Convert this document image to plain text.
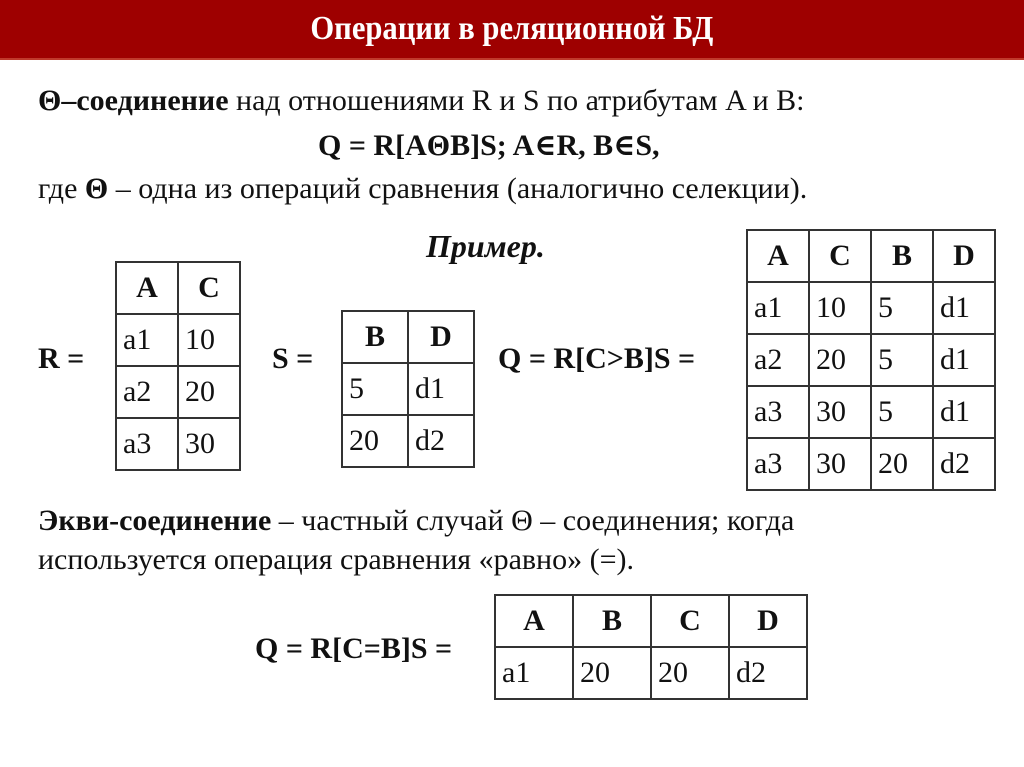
Операции в реляционной БД
Θ–соединение над отношениями R и S по атрибутам A и B:
Q = R[AΘB]S; A∈R, B∈S,
где Θ – одна из операций сравнения (аналогично селекции).
Пример.
R =
A	C
a1	10
a2	20
a3	30
S =
B	D
5	d1
20	d2
Q = R[C>B]S =
A	C	B	D
a1	10	5	d1
a2	20	5	d1
a3	30	5	d1
a3	30	20	d2
Экви-соединение – частный случай Θ – соединения; когда
используется операция сравнения «равно» (=).
Q = R[C=B]S =
A	B	C	D
a1	20	20	d2
